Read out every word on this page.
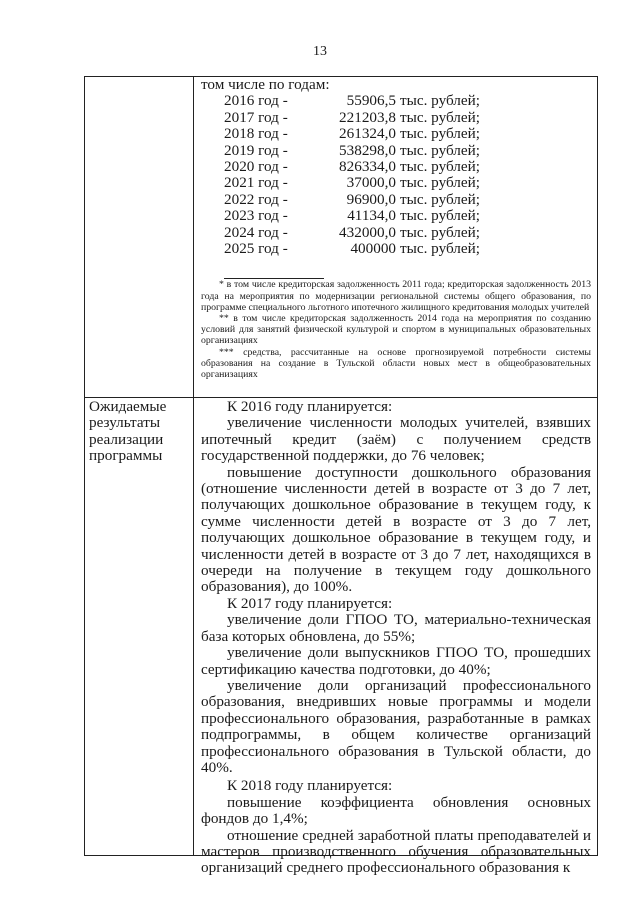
13
том числе по годам:
2016 год -	55906,5 тыс. рублей;
2017 год -	221203,8 тыс. рублей;
2018 год -	261324,0 тыс. рублей;
2019 год -	538298,0 тыс. рублей;
2020 год -	826334,0 тыс. рублей;
2021 год -	37000,0 тыс. рублей;
2022 год -	96900,0 тыс. рублей;
2023 год -	41134,0 тыс. рублей;
2024 год -	432000,0 тыс. рублей;
2025 год -	400000 тыс. рублей;
* в том числе кредиторская задолженность 2011 года; кредиторская задолженность 2013 года на мероприятия по модернизации региональной системы общего образования, по программе специального льготного ипотечного жилищного кредитования молодых учителей
** в том числе кредиторская задолженность 2014 года на мероприятия по созданию условий для занятий физической культурой и спортом в муниципальных образовательных организациях
*** средства, рассчитанные на основе прогнозируемой потребности системы образования на создание в Тульской области новых мест в общеобразовательных организациях
Ожидаемые результаты реализации программы
К 2016 году планируется:
увеличение численности молодых учителей, взявших ипотечный кредит (заём) с получением средств государственной поддержки, до 76 человек;
повышение доступности дошкольного образования (отношение численности детей в возрасте от 3 до 7 лет, получающих дошкольное образование в текущем году, к сумме численности детей в возрасте от 3 до 7 лет, получающих дошкольное образование в текущем году, и численности детей в возрасте от 3 до 7 лет, находящихся в очереди на получение в текущем году дошкольного образования), до 100%.
К 2017 году планируется:
увеличение доли ГПОО ТО, материально-техническая база которых обновлена, до 55%;
увеличение доли выпускников ГПОО ТО, прошедших сертификацию качества подготовки, до 40%;
увеличение доли организаций профессионального образования, внедривших новые программы и модели профессионального образования, разработанные в рамках подпрограммы, в общем количестве организаций профессионального образования в Тульской области, до 40%.
К 2018 году планируется:
повышение коэффициента обновления основных фондов до 1,4%;
отношение средней заработной платы преподавателей и мастеров производственного обучения образовательных организаций среднего профессионального образования к
